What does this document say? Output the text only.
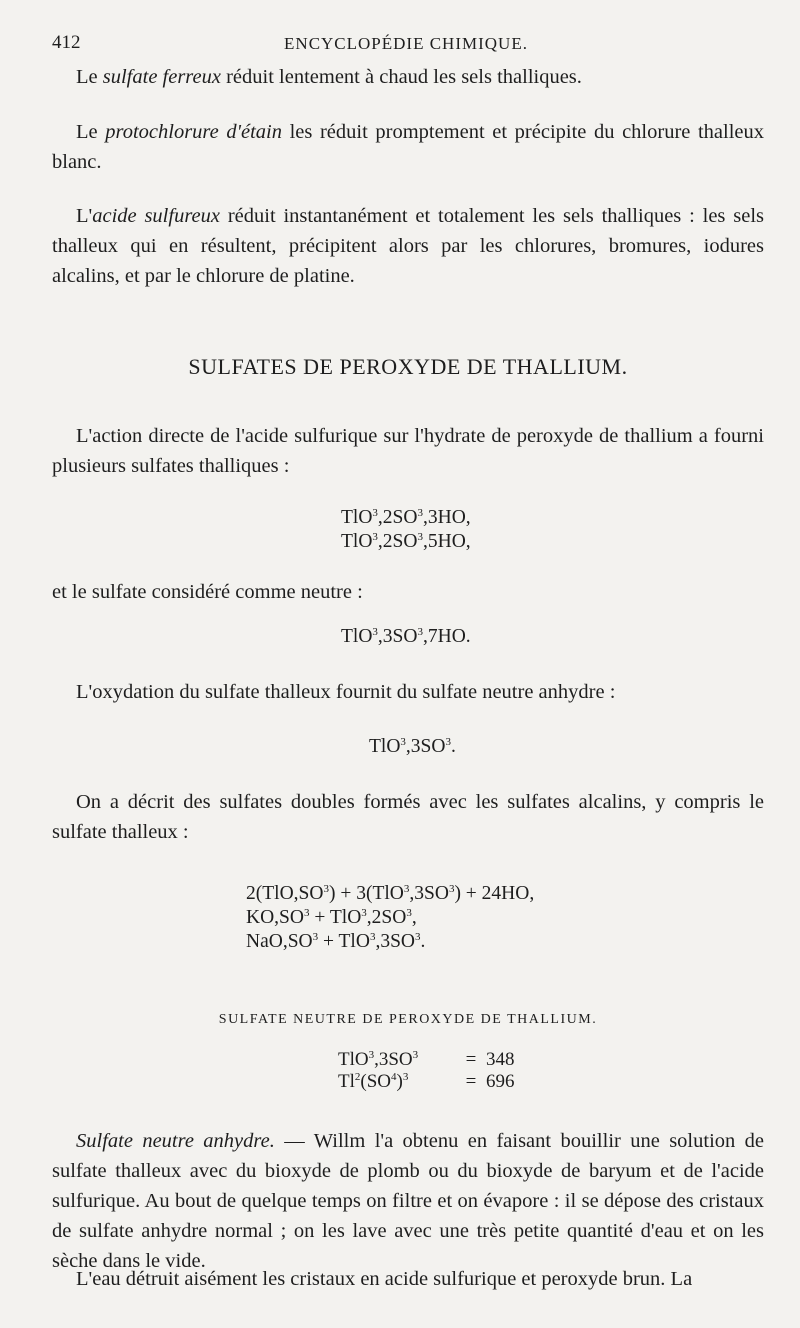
412	ENCYCLOPÉDIE CHIMIQUE.

Le sulfate ferreux réduit lentement à chaud les sels thalliques.

Le protochlorure d'étain les réduit promptement et précipite du chlorure thalleux blanc.

L'acide sulfureux réduit instantanément et totalement les sels thalliques : les sels thalleux qui en résultent, précipitent alors par les chlorures, bromures, iodures alcalins, et par le chlorure de platine.

SULFATES DE PEROXYDE DE THALLIUM.

L'action directe de l'acide sulfurique sur l'hydrate de peroxyde de thallium a fourni plusieurs sulfates thalliques :

$TlO^3,2SO^3,3HO$,
$TlO^3,2SO^3,5HO$,

et le sulfate considéré comme neutre :

$TlO^3,3SO^3,7HO$.

L'oxydation du sulfate thalleux fournit du sulfate neutre anhydre :

$TlO^3,3SO^3$.

On a décrit des sulfates doubles formés avec les sulfates alcalins, y compris le sulfate thalleux :

$2(TlO,SO^3) + 3(TlO^3,3SO^3) + 24HO$,
$KO,SO^3 + TlO^3,2SO^3$,
$NaO,SO^3 + TlO^3,3SO^3$.
SULFATE NEUTRE DE PEROXYDE DE THALLIUM.
$TlO^3,3SO^3$	= 348
$Tl^2(SO^4)^3$	= 696

Sulfate neutre anhydre. — Willm l'a obtenu en faisant bouillir une solution de sulfate thalleux avec du bioxyde de plomb ou du bioxyde de baryum et de l'acide sulfurique. Au bout de quelque temps on filtre et on évapore : il se dépose des cristaux de sulfate anhydre normal ; on les lave avec une très petite quantité d'eau et on les sèche dans le vide.

L'eau détruit aisément les cristaux en acide sulfurique et peroxyde brun. La
